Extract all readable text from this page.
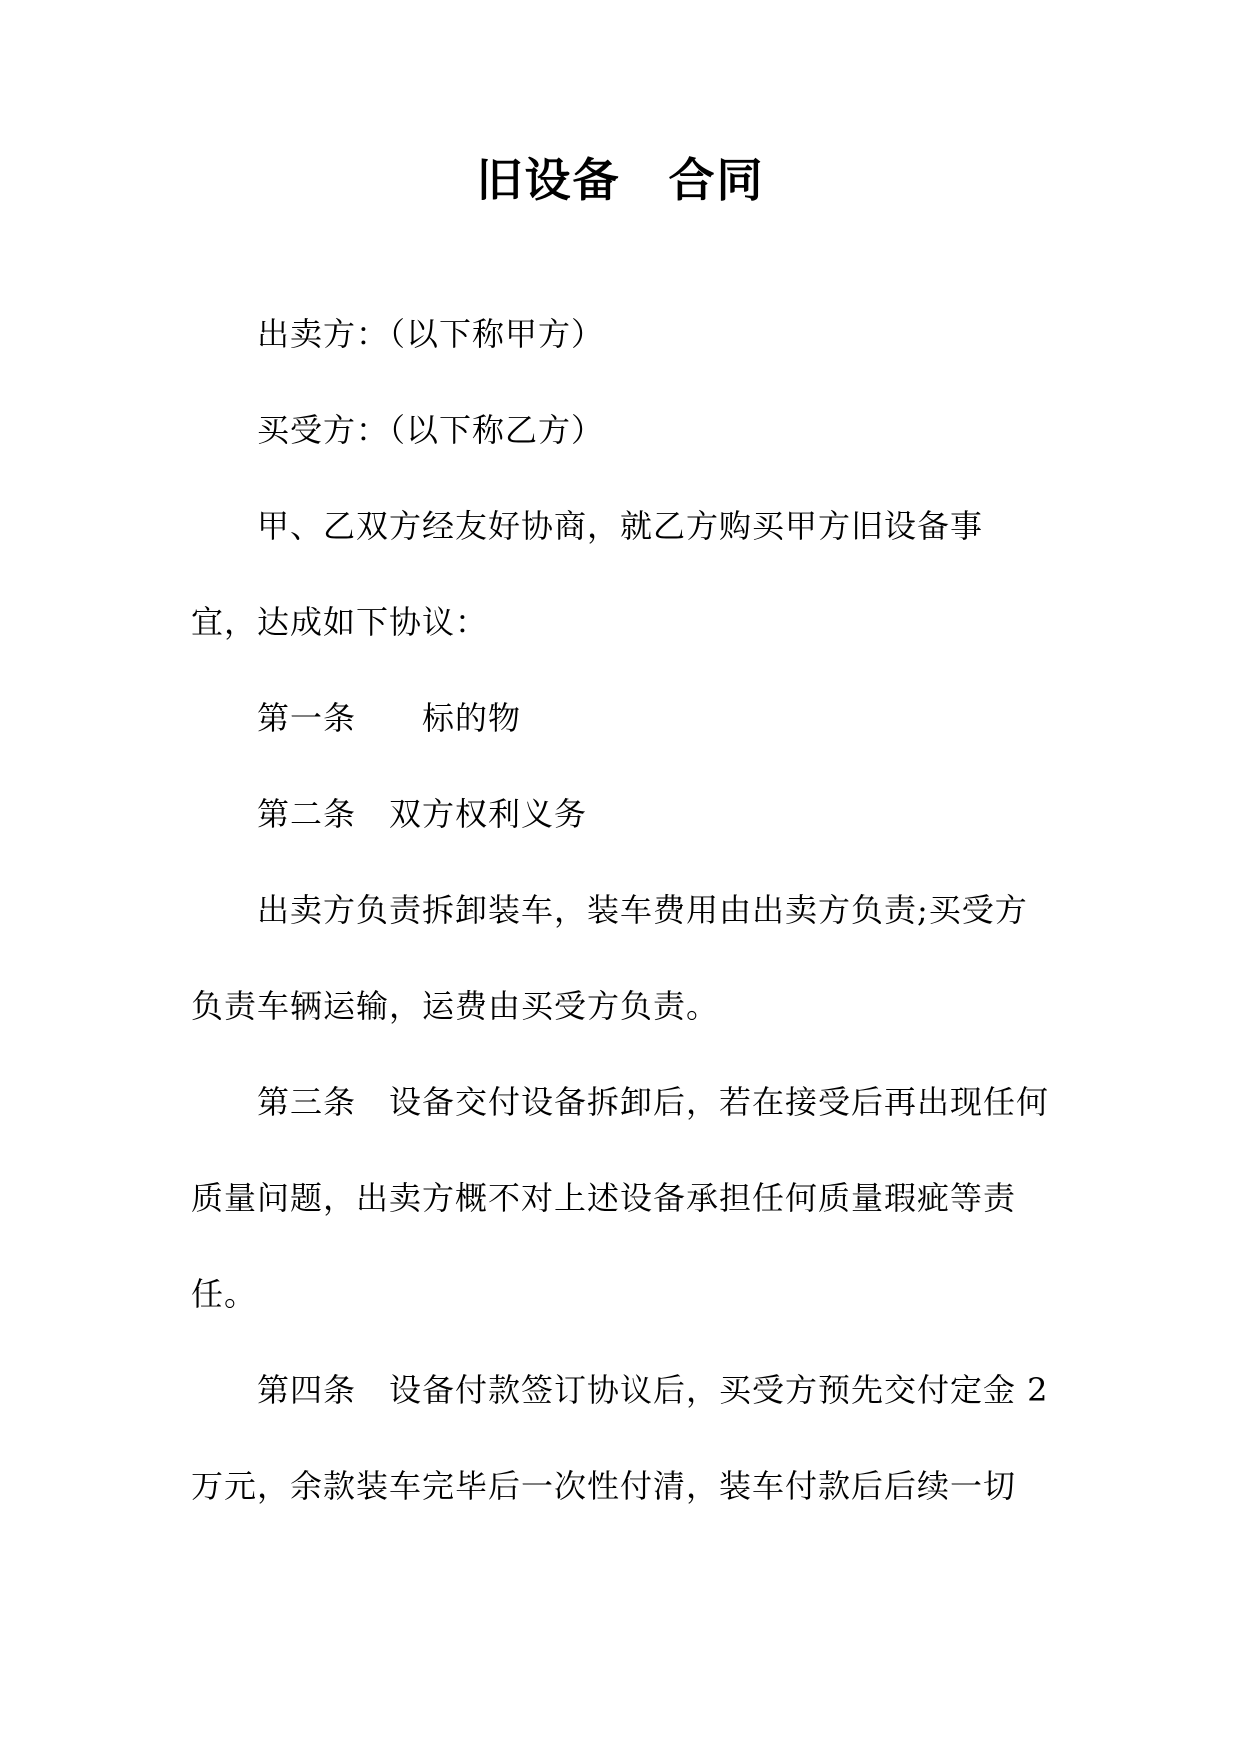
旧设备　合同
出卖方：（以下称甲方）
买受方：（以下称乙方）
甲、乙双方经友好协商，就乙方购买甲方旧设备事
宜，达成如下协议：
第一条　　标的物
第二条　双方权利义务
出卖方负责拆卸装车，装车费用由出卖方负责;买受方
负责车辆运输，运费由买受方负责。
第三条　设备交付设备拆卸后，若在接受后再出现任何
质量问题，出卖方概不对上述设备承担任何质量瑕疵等责
任。
第四条　设备付款签订协议后，买受方预先交付定金 2
万元，余款装车完毕后一次性付清，装车付款后后续一切
